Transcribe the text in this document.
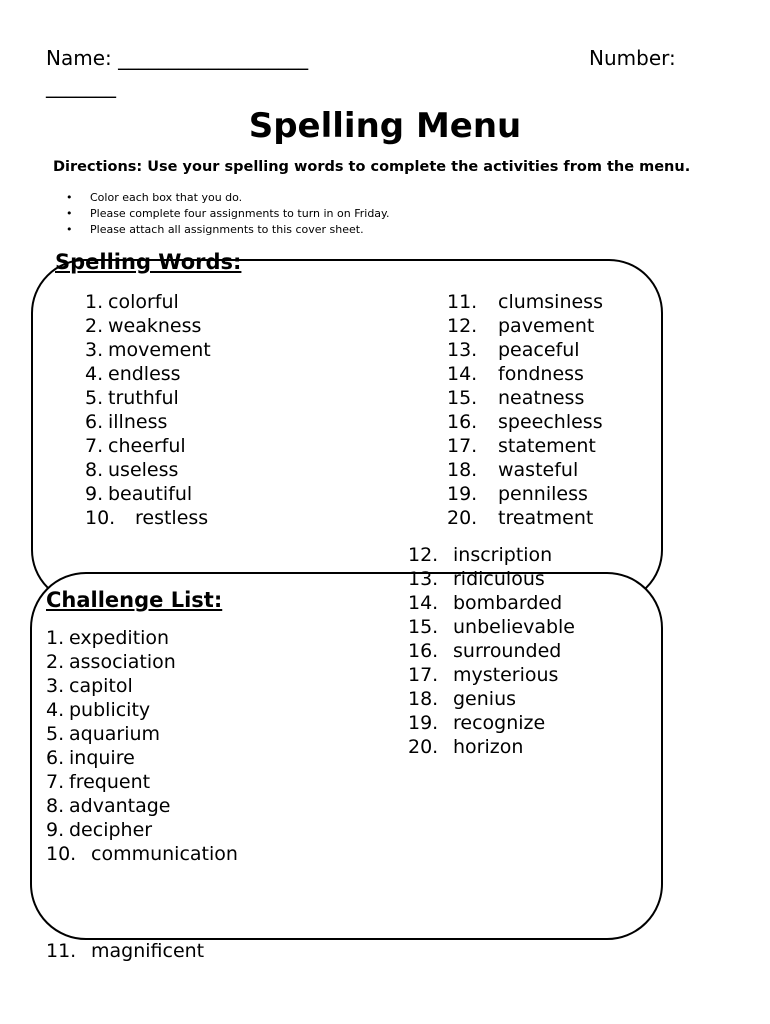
Name: ___________________	Number:
_______
Spelling Menu
Directions: Use your spelling words to complete the activities from the menu.
• Color each box that you do.
• Please complete four assignments to turn in on Friday.
• Please attach all assignments to this cover sheet.
Spelling Words:
1. colorful
2. weakness
3. movement
4. endless
5. truthful
6. illness
7. cheerful
8. useless
9. beautiful
10. restless
11. clumsiness
12. pavement
13. peaceful
14. fondness
15. neatness
16. speechless
17. statement
18. wasteful
19. penniless
20. treatment
Challenge List:
1. expedition
2. association
3. capitol
4. publicity
5. aquarium
6. inquire
7. frequent
8. advantage
9. decipher
10. communication
12. inscription
13. ridiculous
14. bombarded
15. unbelievable
16. surrounded
17. mysterious
18. genius
19. recognize
20. horizon
11. magnificent
